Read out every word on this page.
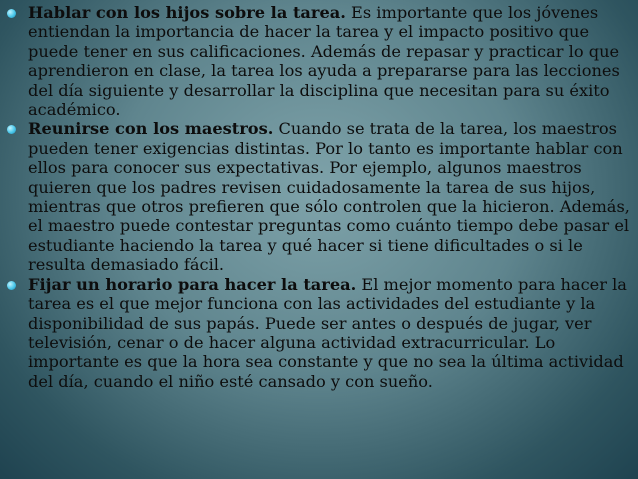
Hablar con los hijos sobre la tarea. Es importante que los jóvenes entiendan la importancia de hacer la tarea y el impacto positivo que puede tener en sus calificaciones. Además de repasar y practicar lo que aprendieron en clase, la tarea los ayuda a prepararse para las lecciones del día siguiente y desarrollar la disciplina que necesitan para su éxito académico.
Reunirse con los maestros. Cuando se trata de la tarea, los maestros pueden tener exigencias distintas. Por lo tanto es importante hablar con ellos para conocer sus expectativas. Por ejemplo, algunos maestros quieren que los padres revisen cuidadosamente la tarea de sus hijos, mientras que otros prefieren que sólo controlen que la hicieron. Además, el maestro puede contestar preguntas como cuánto tiempo debe pasar el estudiante haciendo la tarea y qué hacer si tiene dificultades o si le resulta demasiado fácil.
Fijar un horario para hacer la tarea. El mejor momento para hacer la tarea es el que mejor funciona con las actividades del estudiante y la disponibilidad de sus papás. Puede ser antes o después de jugar, ver televisión, cenar o de hacer alguna actividad extracurricular. Lo importante es que la hora sea constante y que no sea la última actividad del día, cuando el niño esté cansado y con sueño.
